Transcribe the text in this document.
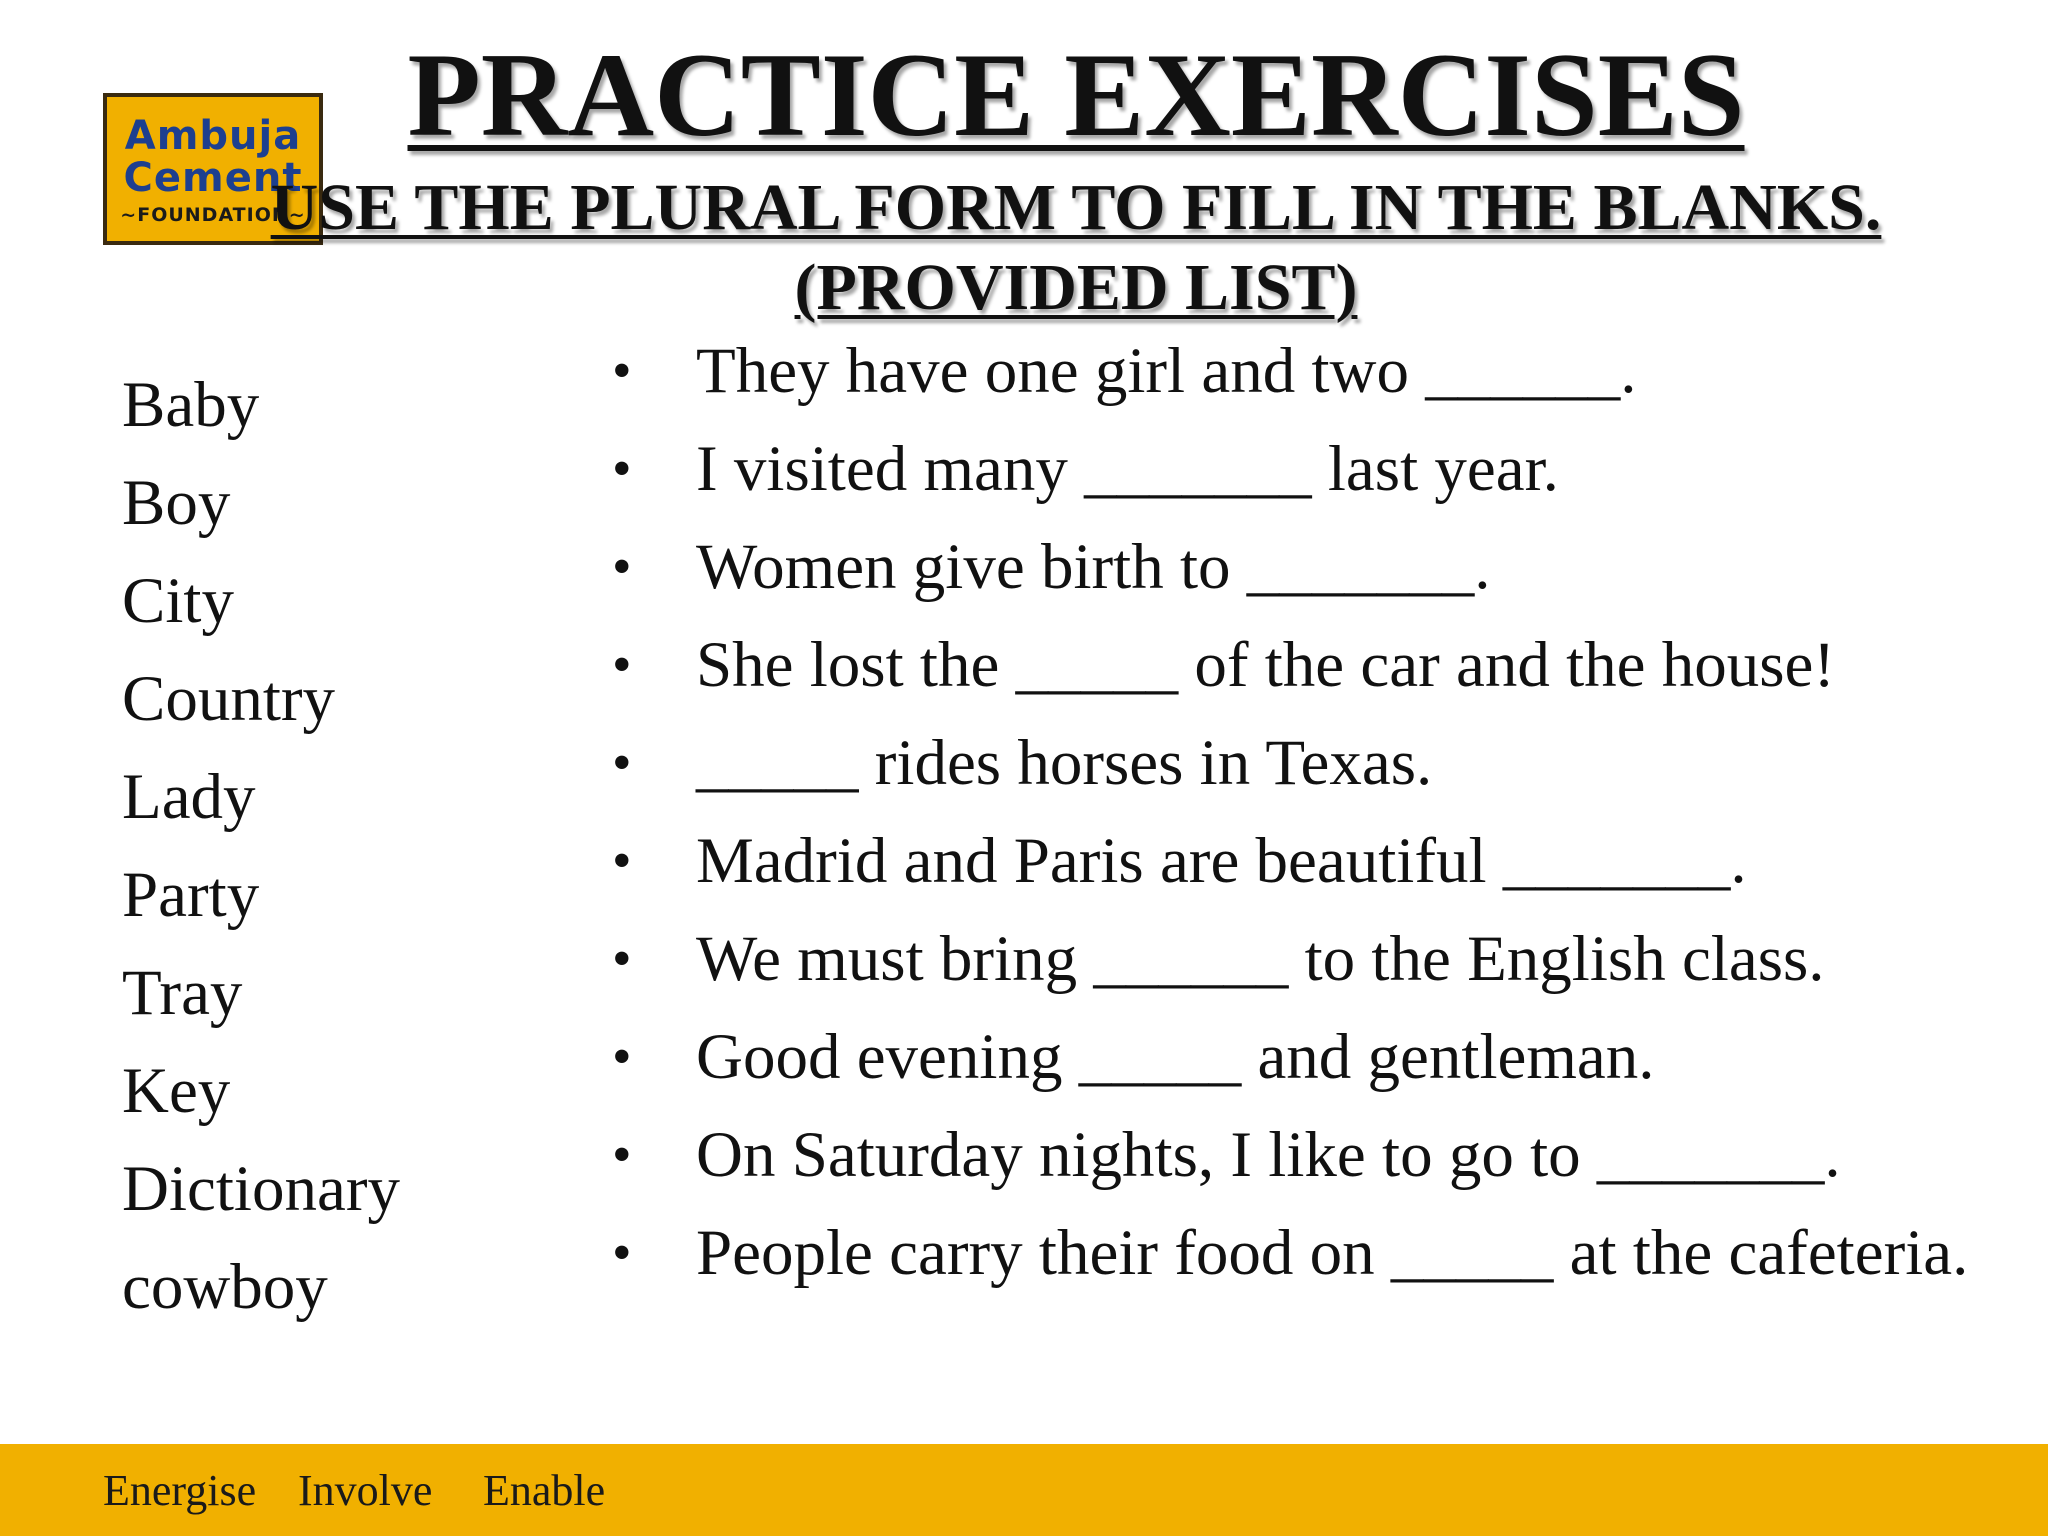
Ambuja
Cement
~FOUNDATION~
PRACTICE EXERCISES
USE THE PLURAL FORM TO FILL IN THE BLANKS. (PROVIDED LIST)
Baby
Boy
City
Country
Lady
Party
Tray
Key
Dictionary
cowboy
• They have one girl and two ______.
• I visited many _______ last year.
• Women give birth to _______.
• She lost the _____ of the car and the house!
• _____ rides horses in Texas.
• Madrid and Paris are beautiful _______.
• We must bring ______ to the English class.
• Good evening _____ and gentleman.
• On Saturday nights, I like to go to _______.
• People carry their food on _____ at the cafeteria.
Energise Involve Enable
